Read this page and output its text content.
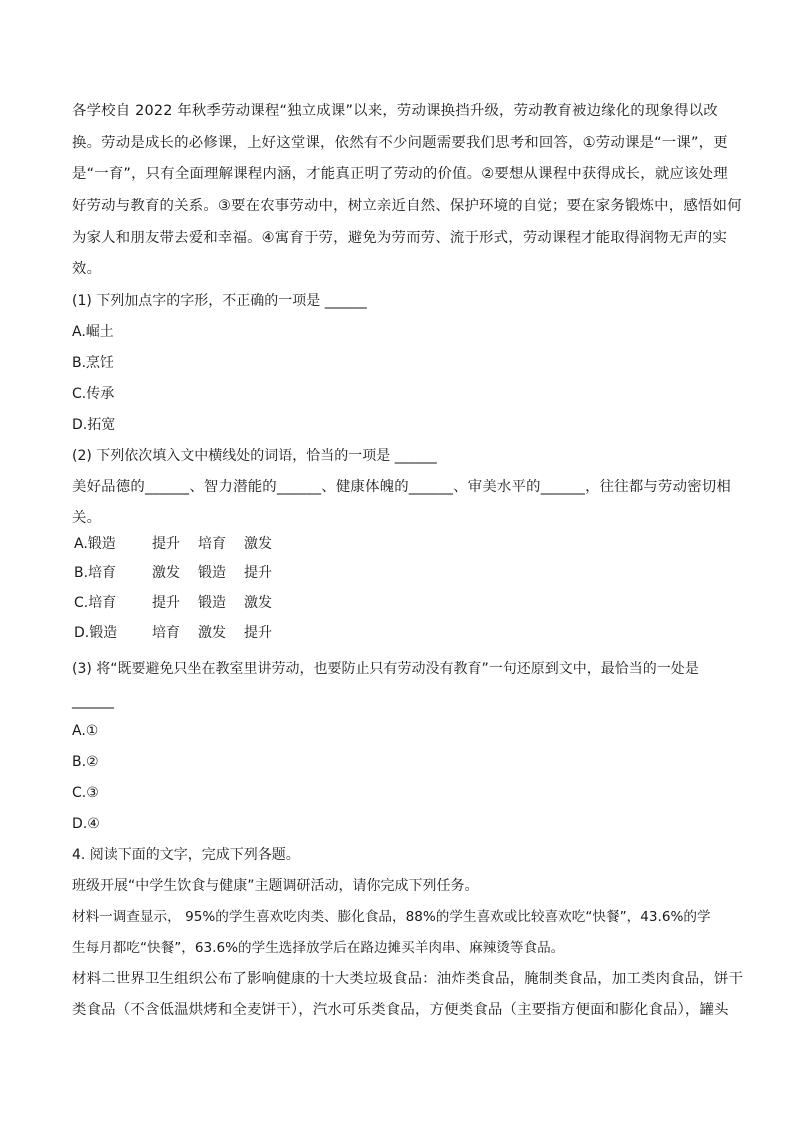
各学校自 2022 年秋季劳动课程“独立成课”以来，劳动课换挡升级，劳动教育被边缘化的现象得以改
换。劳动是成长的必修课，上好这堂课，依然有不少问题需要我们思考和回答，①劳动课是“一课”，更
是“一育”，只有全面理解课程内涵，才能真正明了劳动的价值。②要想从课程中获得成长，就应该处理
好劳动与教育的关系。③要在农事劳动中，树立亲近自然、保护环境的自觉；要在家务锻炼中，感悟如何
为家人和朋友带去爱和幸福。④寓育于劳，避免为劳而劳、流于形式，劳动课程才能取得润物无声的实
效。
(1) 下列加点字的字形，不正确的一项是 ______
A.崛土
B.烹饪
C.传承
D.拓宽
(2) 下列依次填入文中横线处的词语，恰当的一项是 ______
美好品德的______、智力潜能的______、健康体魄的______、审美水平的______，往往都与劳动密切相
关。
A.锻造	提升 培育 激发
B.培育	激发 锻造 提升
C.培育	提升 锻造 激发
D.锻造 培育 激发 提升
(3) 将“既要避免只坐在教室里讲劳动，也要防止只有劳动没有教育”一句还原到文中，最恰当的一处是
______
A.①
B.②
C.③
D.④
4. 阅读下面的文字，完成下列各题。
班级开展“中学生饮食与健康”主题调研活动，请你完成下列任务。
材料一调查显示， 95%的学生喜欢吃肉类、膨化食品，88%的学生喜欢或比较喜欢吃“快餐”，43.6%的学
生每月都吃“快餐”，63.6%的学生选择放学后在路边摊买羊肉串、麻辣烫等食品。
材料二世界卫生组织公布了影响健康的十大类垃圾食品：油炸类食品，腌制类食品，加工类肉食品，饼干
类食品（不含低温烘烤和全麦饼干），汽水可乐类食品，方便类食品（主要指方便面和膨化食品），罐头
